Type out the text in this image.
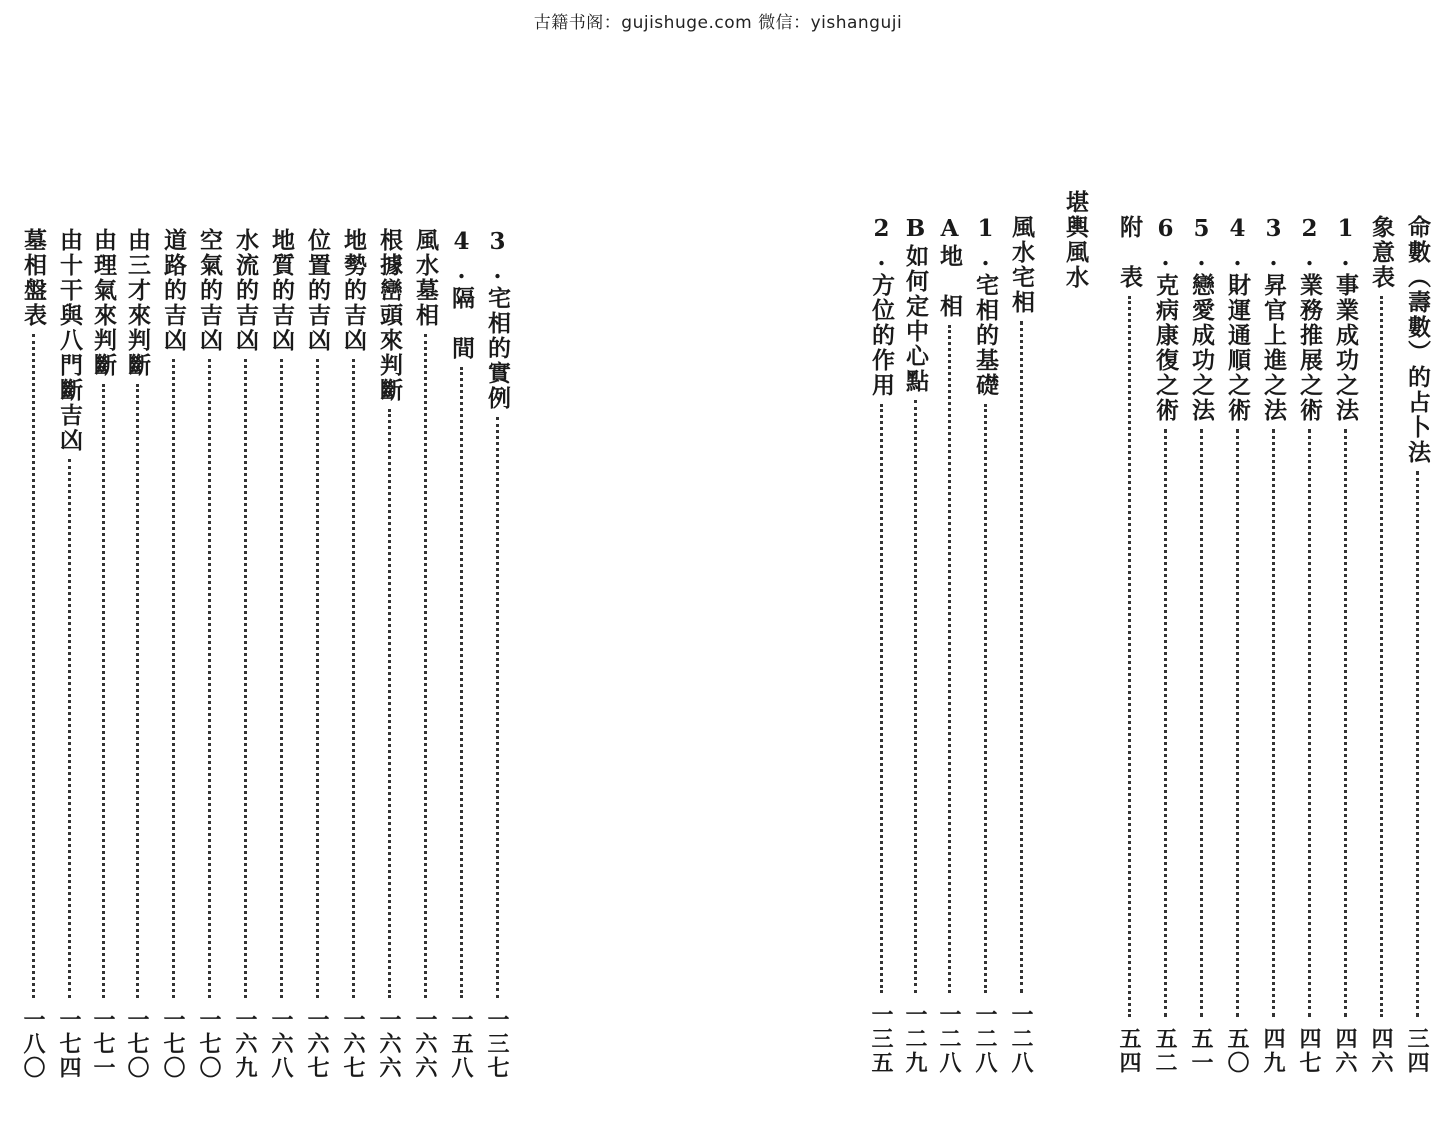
古籍书阁：gujishuge.com 微信：yishanguji
3.宅相的實例
一三七
4.隔　間
一五八
風水墓相
一六六
根據巒頭來判斷
一六六
地勢的吉凶
一六七
位置的吉凶
一六七
地質的吉凶
一六八
水流的吉凶
一六九
空氣的吉凶
一七〇
道路的吉凶
一七〇
由三才來判斷
一七〇
由理氣來判斷
一七一
由十干與八門斷吉凶
一七四
墓相盤表
一八〇
命數（壽數）的占卜法
三四
象意表
四六
1.事業成功之法
四六
2.業務推展之術
四七
3.昇官上進之法
四九
4.財運通順之術
五〇
5.戀愛成功之法
五一
6.克病康復之術
五二
附　表
五四
堪輿風水
風水宅相
一二八
1.宅相的基礎
一二八
A地　相
一二八
B如何定中心點
一二九
2.方位的作用
一三五
